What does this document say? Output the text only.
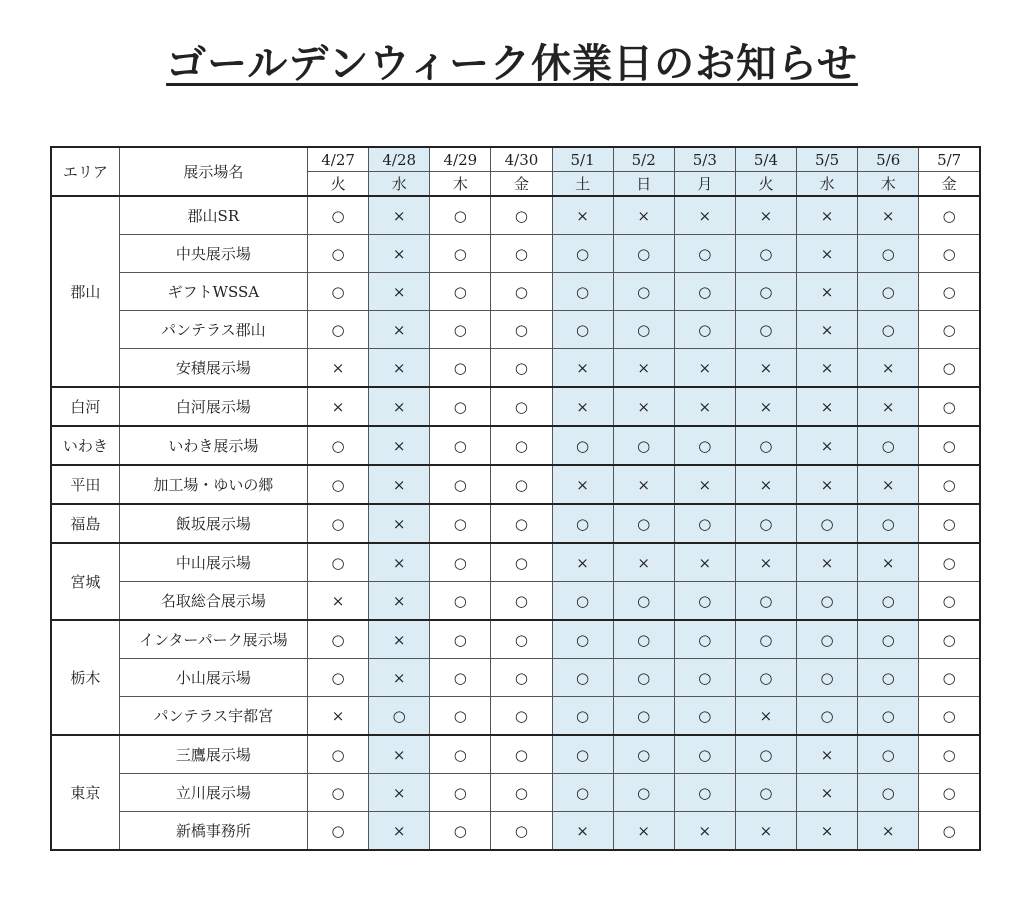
ゴールデンウィーク休業日のお知らせ
エリア	展示場名	4/27	4/28	4/29	4/30	5/1	5/2	5/3	5/4	5/5	5/6	5/7
		火	水	木	金	土	日	月	火	水	木	金
郡山	郡山SR	○	×	○	○	×	×	×	×	×	×	○
	中央展示場	○	×	○	○	○	○	○	○	×	○	○
	ギフトWSSA	○	×	○	○	○	○	○	○	×	○	○
	パンテラス郡山	○	×	○	○	○	○	○	○	×	○	○
	安積展示場	×	×	○	○	×	×	×	×	×	×	○
白河	白河展示場	×	×	○	○	×	×	×	×	×	×	○
いわき	いわき展示場	○	×	○	○	○	○	○	○	×	○	○
平田	加工場・ゆいの郷	○	×	○	○	×	×	×	×	×	×	○
福島	飯坂展示場	○	×	○	○	○	○	○	○	○	○	○
宮城	中山展示場	○	×	○	○	×	×	×	×	×	×	○
	名取総合展示場	×	×	○	○	○	○	○	○	○	○	○
栃木	インターパーク展示場	○	×	○	○	○	○	○	○	○	○	○
	小山展示場	○	×	○	○	○	○	○	○	○	○	○
	パンテラス宇都宮	×	○	○	○	○	○	○	×	○	○	○
東京	三鷹展示場	○	×	○	○	○	○	○	○	×	○	○
	立川展示場	○	×	○	○	○	○	○	○	×	○	○
	新橋事務所	○	×	○	○	×	×	×	×	×	×	○
